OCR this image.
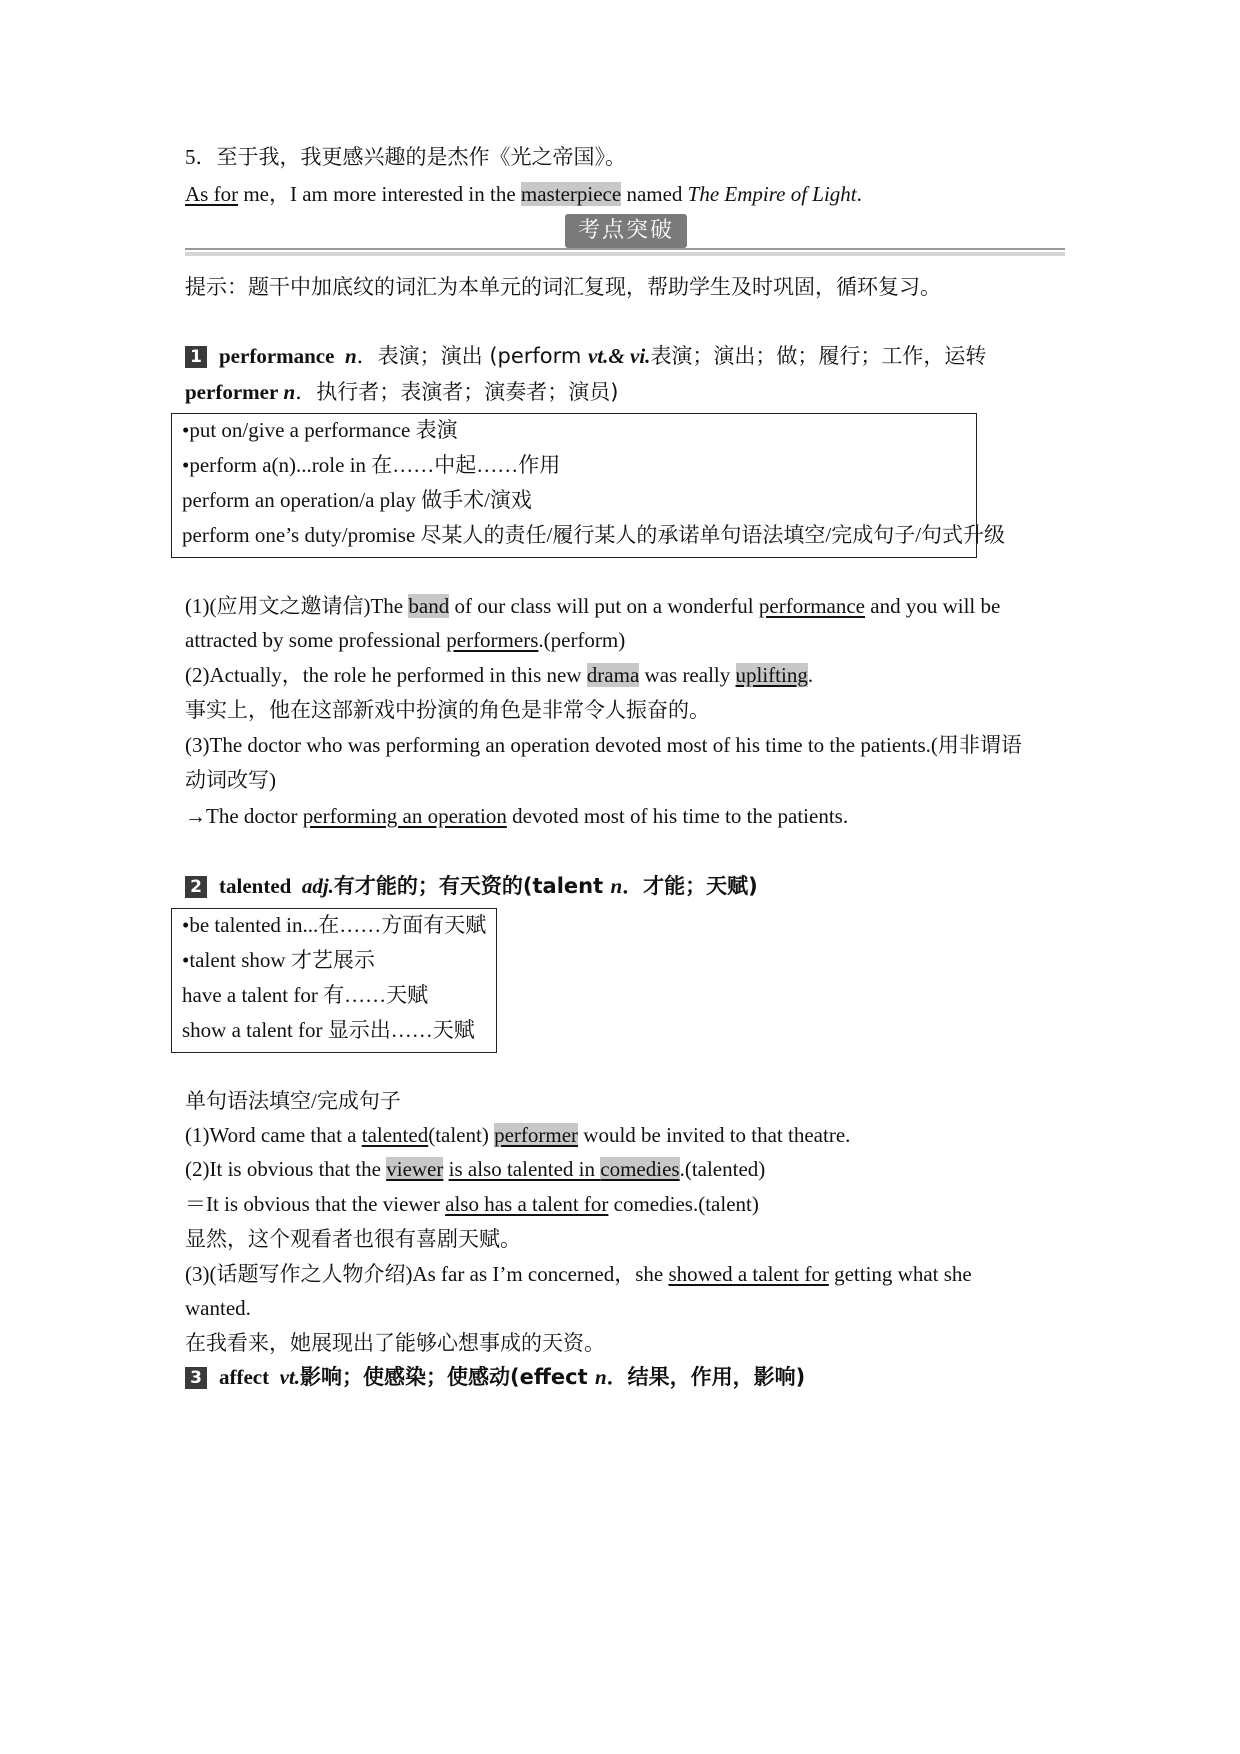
5．至于我，我更感兴趣的是杰作《光之帝国》。
As for me，I am more interested in the masterpiece named The Empire of Light.
考点突破
提示：题干中加底纹的词汇为本单元的词汇复现，帮助学生及时巩固，循环复习。
1 performance n．表演；演出 (perform vt.& vi.表演；演出；做；履行；工作，运转
performer n．执行者；表演者；演奏者；演员)
•put on/give a performance 表演
•perform a(n)...role in 在……中起……作用
perform an operation/a play 做手术/演戏
perform one’s duty/promise 尽某人的责任/履行某人的承诺单句语法填空/完成句子/句式升级
(1)(应用文之邀请信)The band of our class will put on a wonderful performance and you will be
attracted by some professional performers.(perform)
(2)Actually，the role he performed in this new drama was really uplifting.
事实上，他在这部新戏中扮演的角色是非常令人振奋的。
(3)The doctor who was performing an operation devoted most of his time to the patients.(用非谓语
动词改写)
→The doctor performing an operation devoted most of his time to the patients.
2 talented adj.有才能的；有天资的(talent n．才能；天赋)
•be talented in...在……方面有天赋
•talent show 才艺展示
have a talent for 有……天赋
show a talent for 显示出……天赋
单句语法填空/完成句子
(1)Word came that a talented(talent) performer would be invited to that theatre.
(2)It is obvious that the viewer is also talented in comedies.(talented)
＝It is obvious that the viewer also has a talent for comedies.(talent)
显然，这个观看者也很有喜剧天赋。
(3)(话题写作之人物介绍)As far as I’m concerned，she showed a talent for getting what she
wanted.
在我看来，她展现出了能够心想事成的天资。
3 affect vt.影响；使感染；使感动(effect n．结果，作用，影响)
